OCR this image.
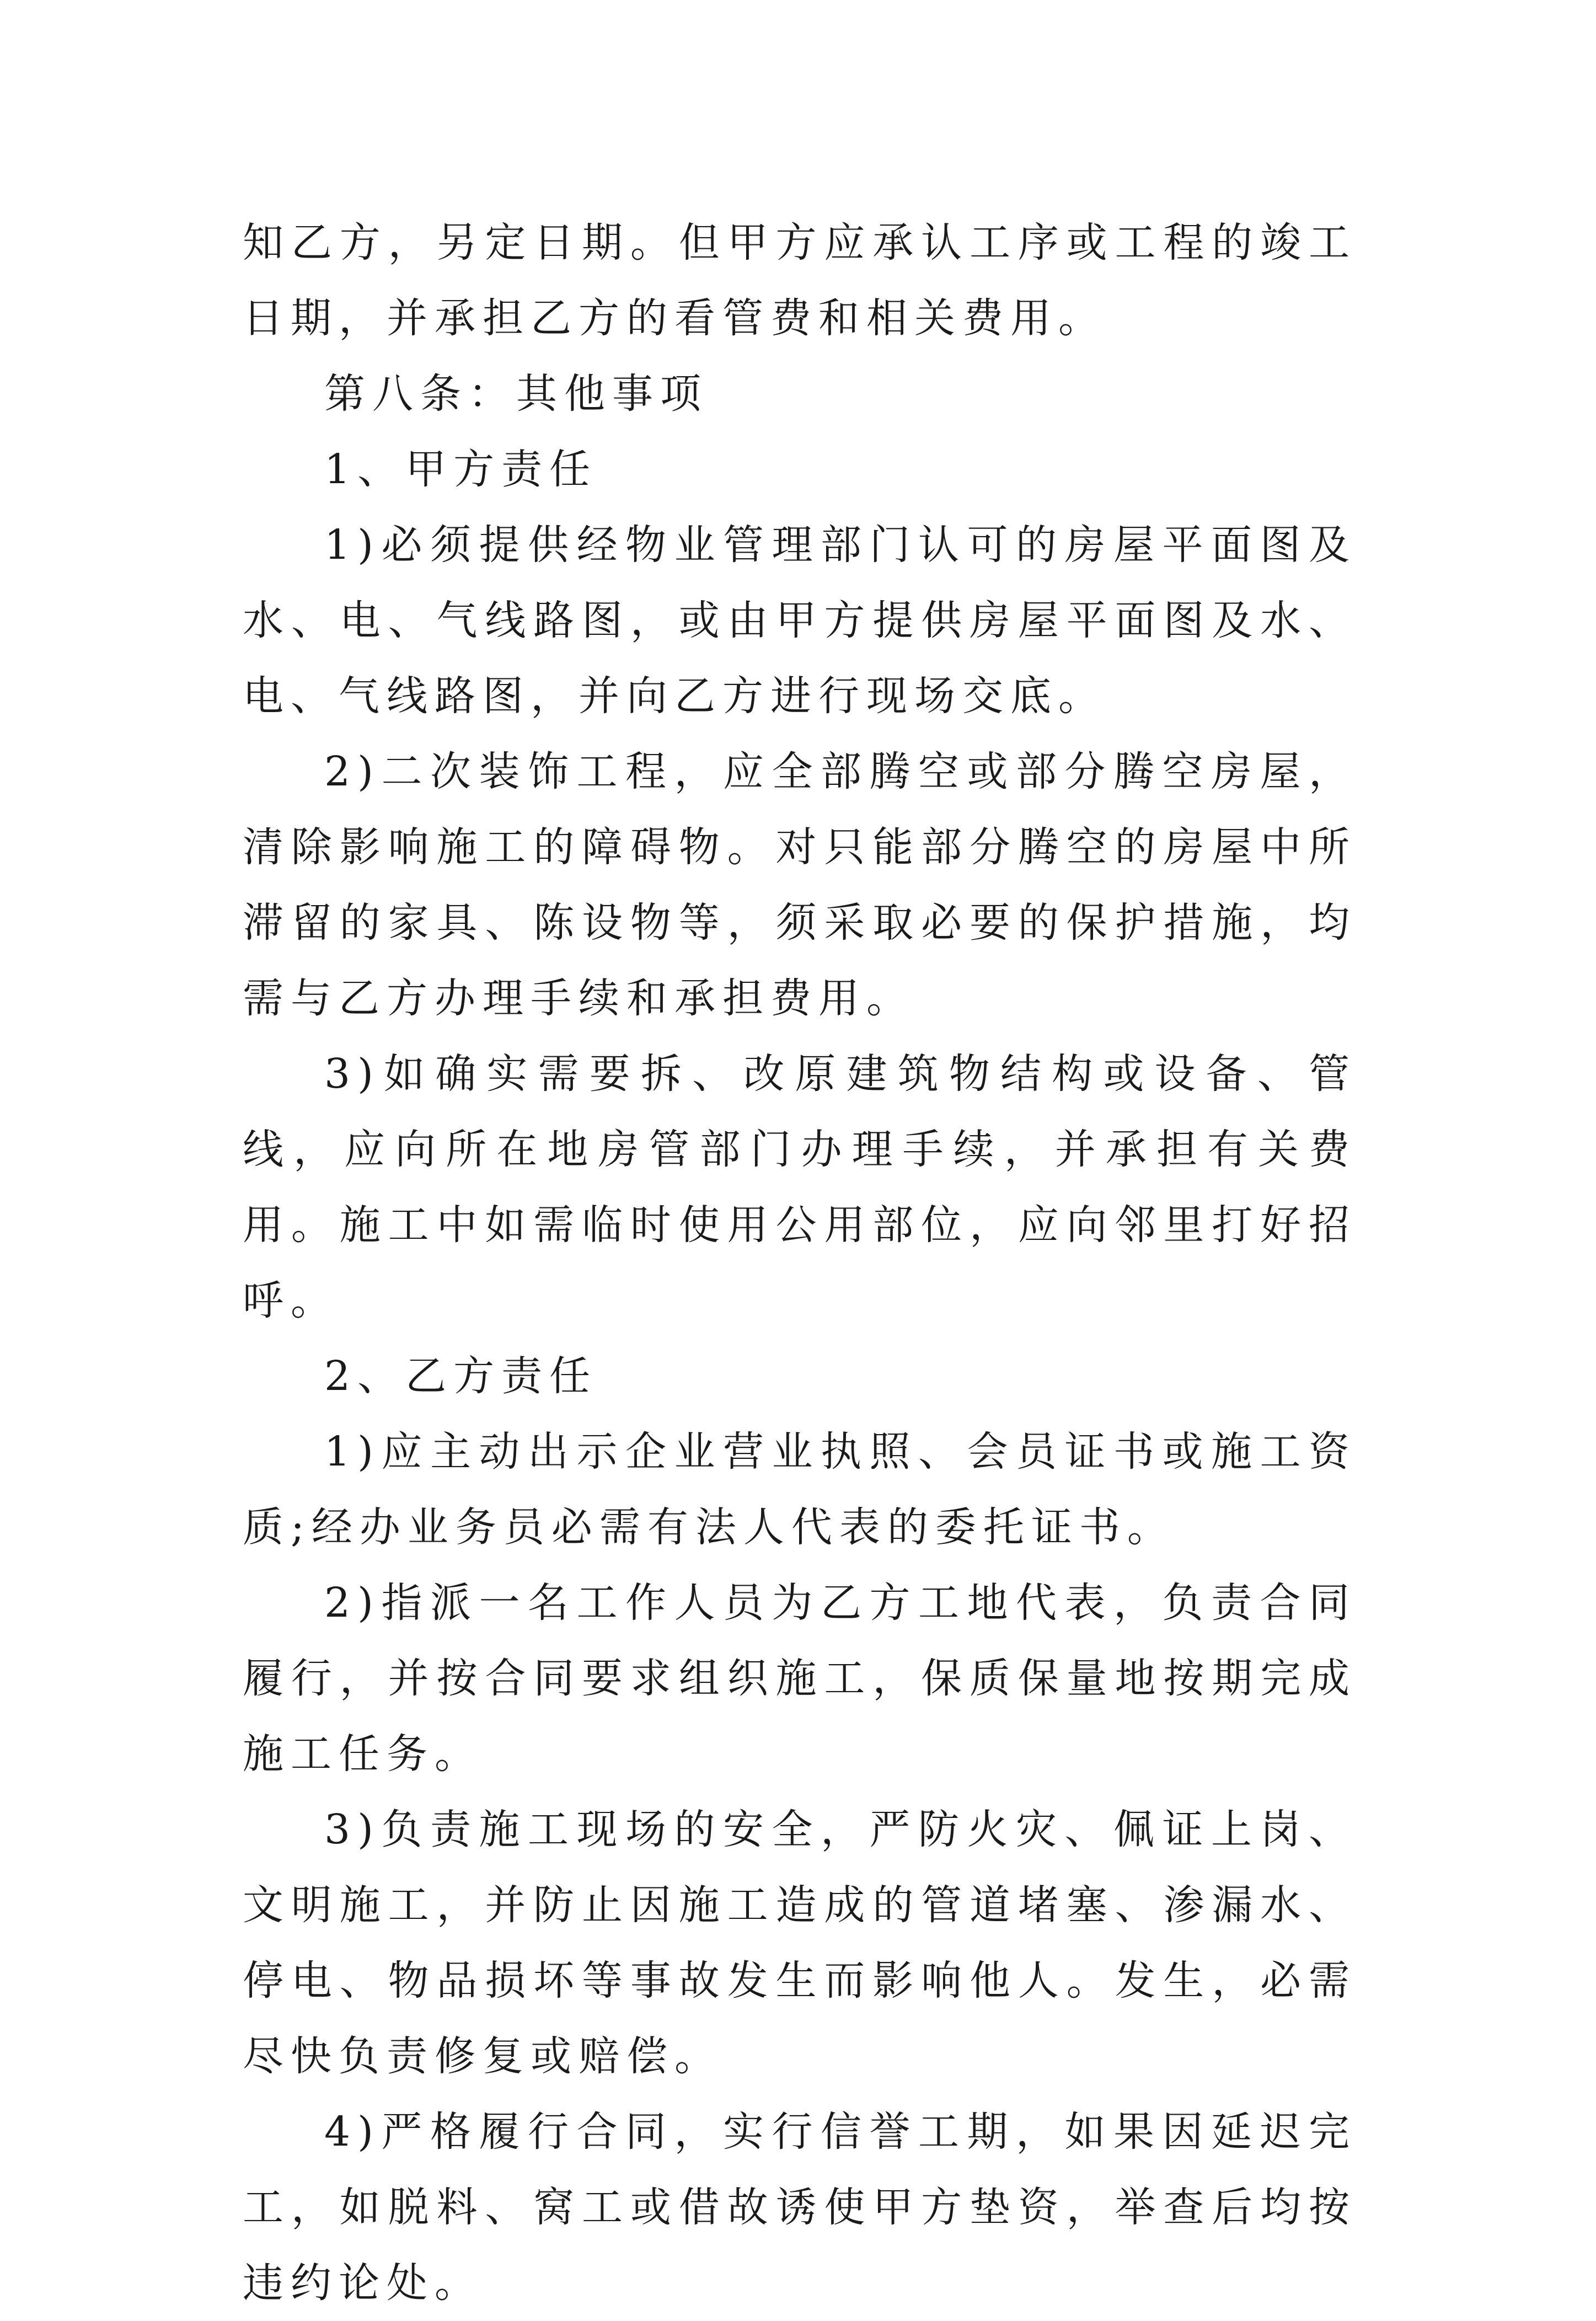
知乙方，另定日期。但甲方应承认工序或工程的竣工日期，并承担乙方的看管费和相关费用。

第八条：其他事项

1、甲方责任

1)必须提供经物业管理部门认可的房屋平面图及水、电、气线路图，或由甲方提供房屋平面图及水、电、气线路图，并向乙方进行现场交底。

2)二次装饰工程，应全部腾空或部分腾空房屋，清除影响施工的障碍物。对只能部分腾空的房屋中所滞留的家具、陈设物等，须采取必要的保护措施，均需与乙方办理手续和承担费用。

3)如确实需要拆、改原建筑物结构或设备、管线，应向所在地房管部门办理手续，并承担有关费用。施工中如需临时使用公用部位，应向邻里打好招呼。

2、乙方责任

1)应主动出示企业营业执照、会员证书或施工资质;经办业务员必需有法人代表的委托证书。

2)指派一名工作人员为乙方工地代表，负责合同履行，并按合同要求组织施工，保质保量地按期完成施工任务。

3)负责施工现场的安全，严防火灾、佩证上岗、文明施工，并防止因施工造成的管道堵塞、渗漏水、停电、物品损坏等事故发生而影响他人。发生，必需尽快负责修复或赔偿。

4)严格履行合同，实行信誉工期，如果因延迟完工，如脱料、窝工或借故诱使甲方垫资，举查后均按违约论处。
